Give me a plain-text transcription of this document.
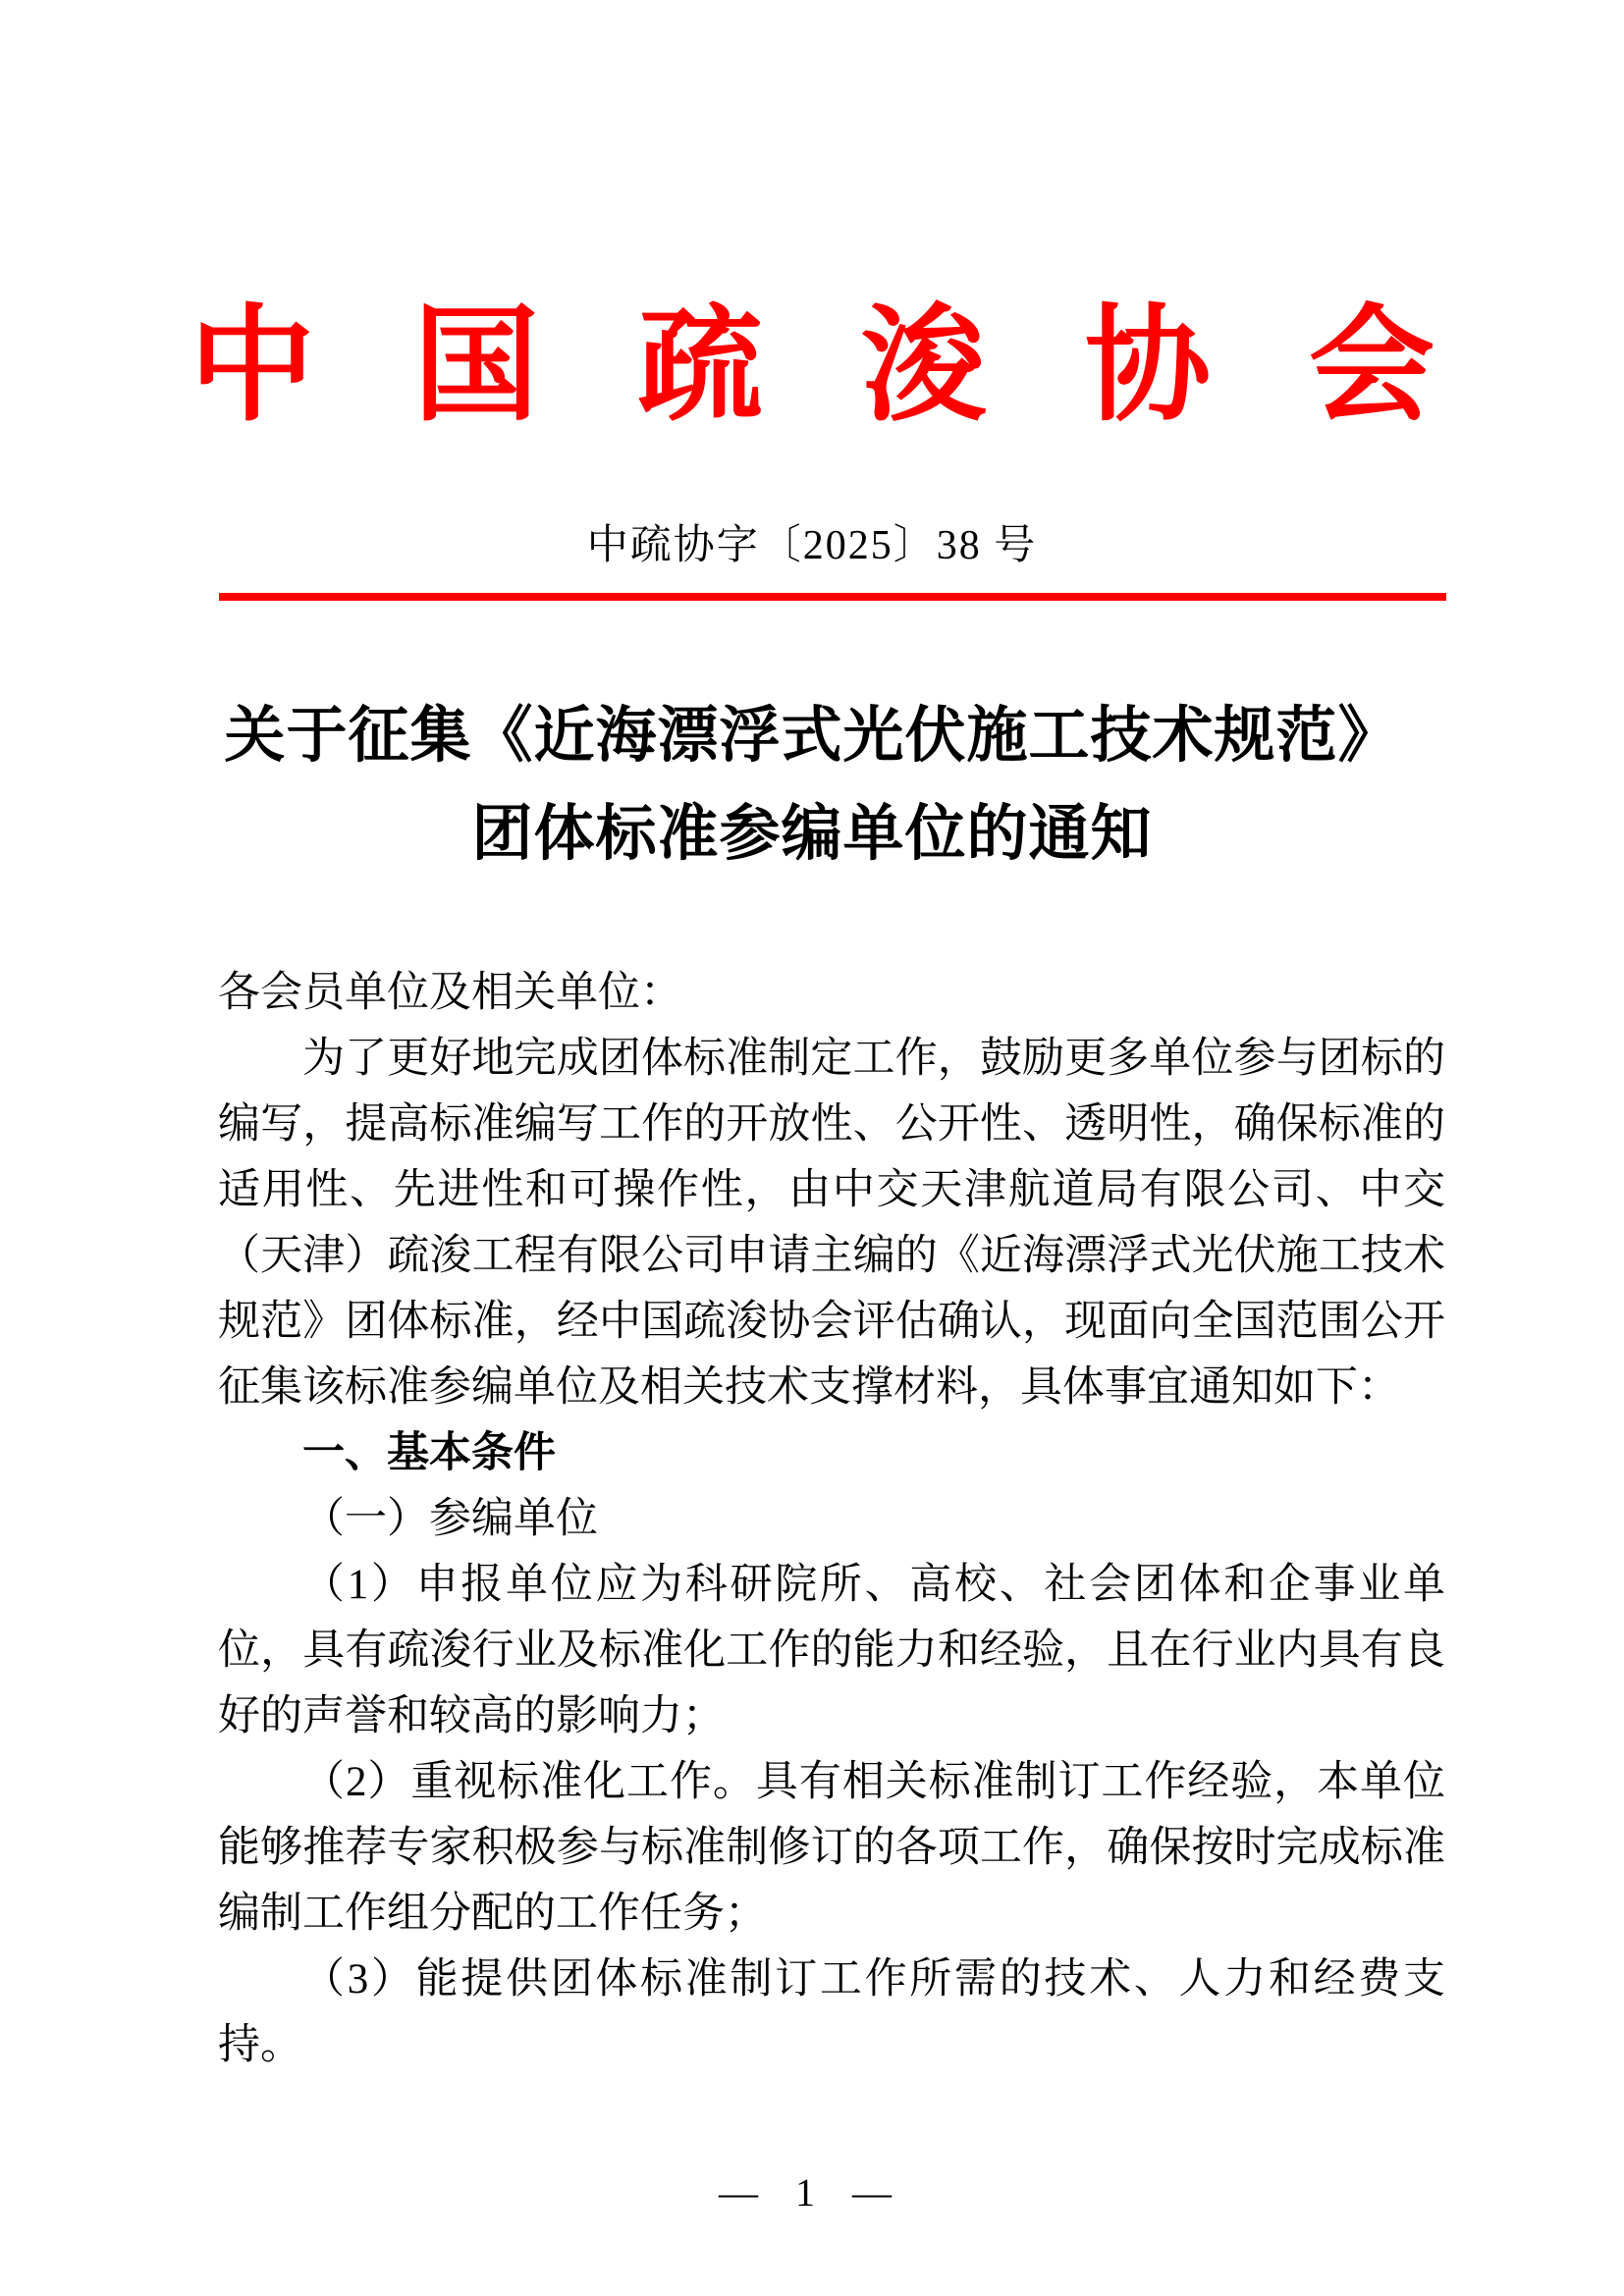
中国疏浚协会
中疏协字〔2025〕38 号
关于征集《近海漂浮式光伏施工技术规范》
团体标准参编单位的通知

各会员单位及相关单位：

为了更好地完成团体标准制定工作，鼓励更多单位参与团标的编写，提高标准编写工作的开放性、公开性、透明性，确保标准的适用性、先进性和可操作性，由中交天津航道局有限公司、中交（天津）疏浚工程有限公司申请主编的《近海漂浮式光伏施工技术规范》团体标准，经中国疏浚协会评估确认，现面向全国范围公开征集该标准参编单位及相关技术支撑材料，具体事宜通知如下：

一、基本条件

（一）参编单位

（1）申报单位应为科研院所、高校、社会团体和企事业单位，具有疏浚行业及标准化工作的能力和经验，且在行业内具有良好的声誉和较高的影响力；

（2）重视标准化工作。具有相关标准制订工作经验，本单位能够推荐专家积极参与标准制修订的各项工作，确保按时完成标准编制工作组分配的工作任务；

（3）能提供团体标准制订工作所需的技术、人力和经费支持。

— 1 —
